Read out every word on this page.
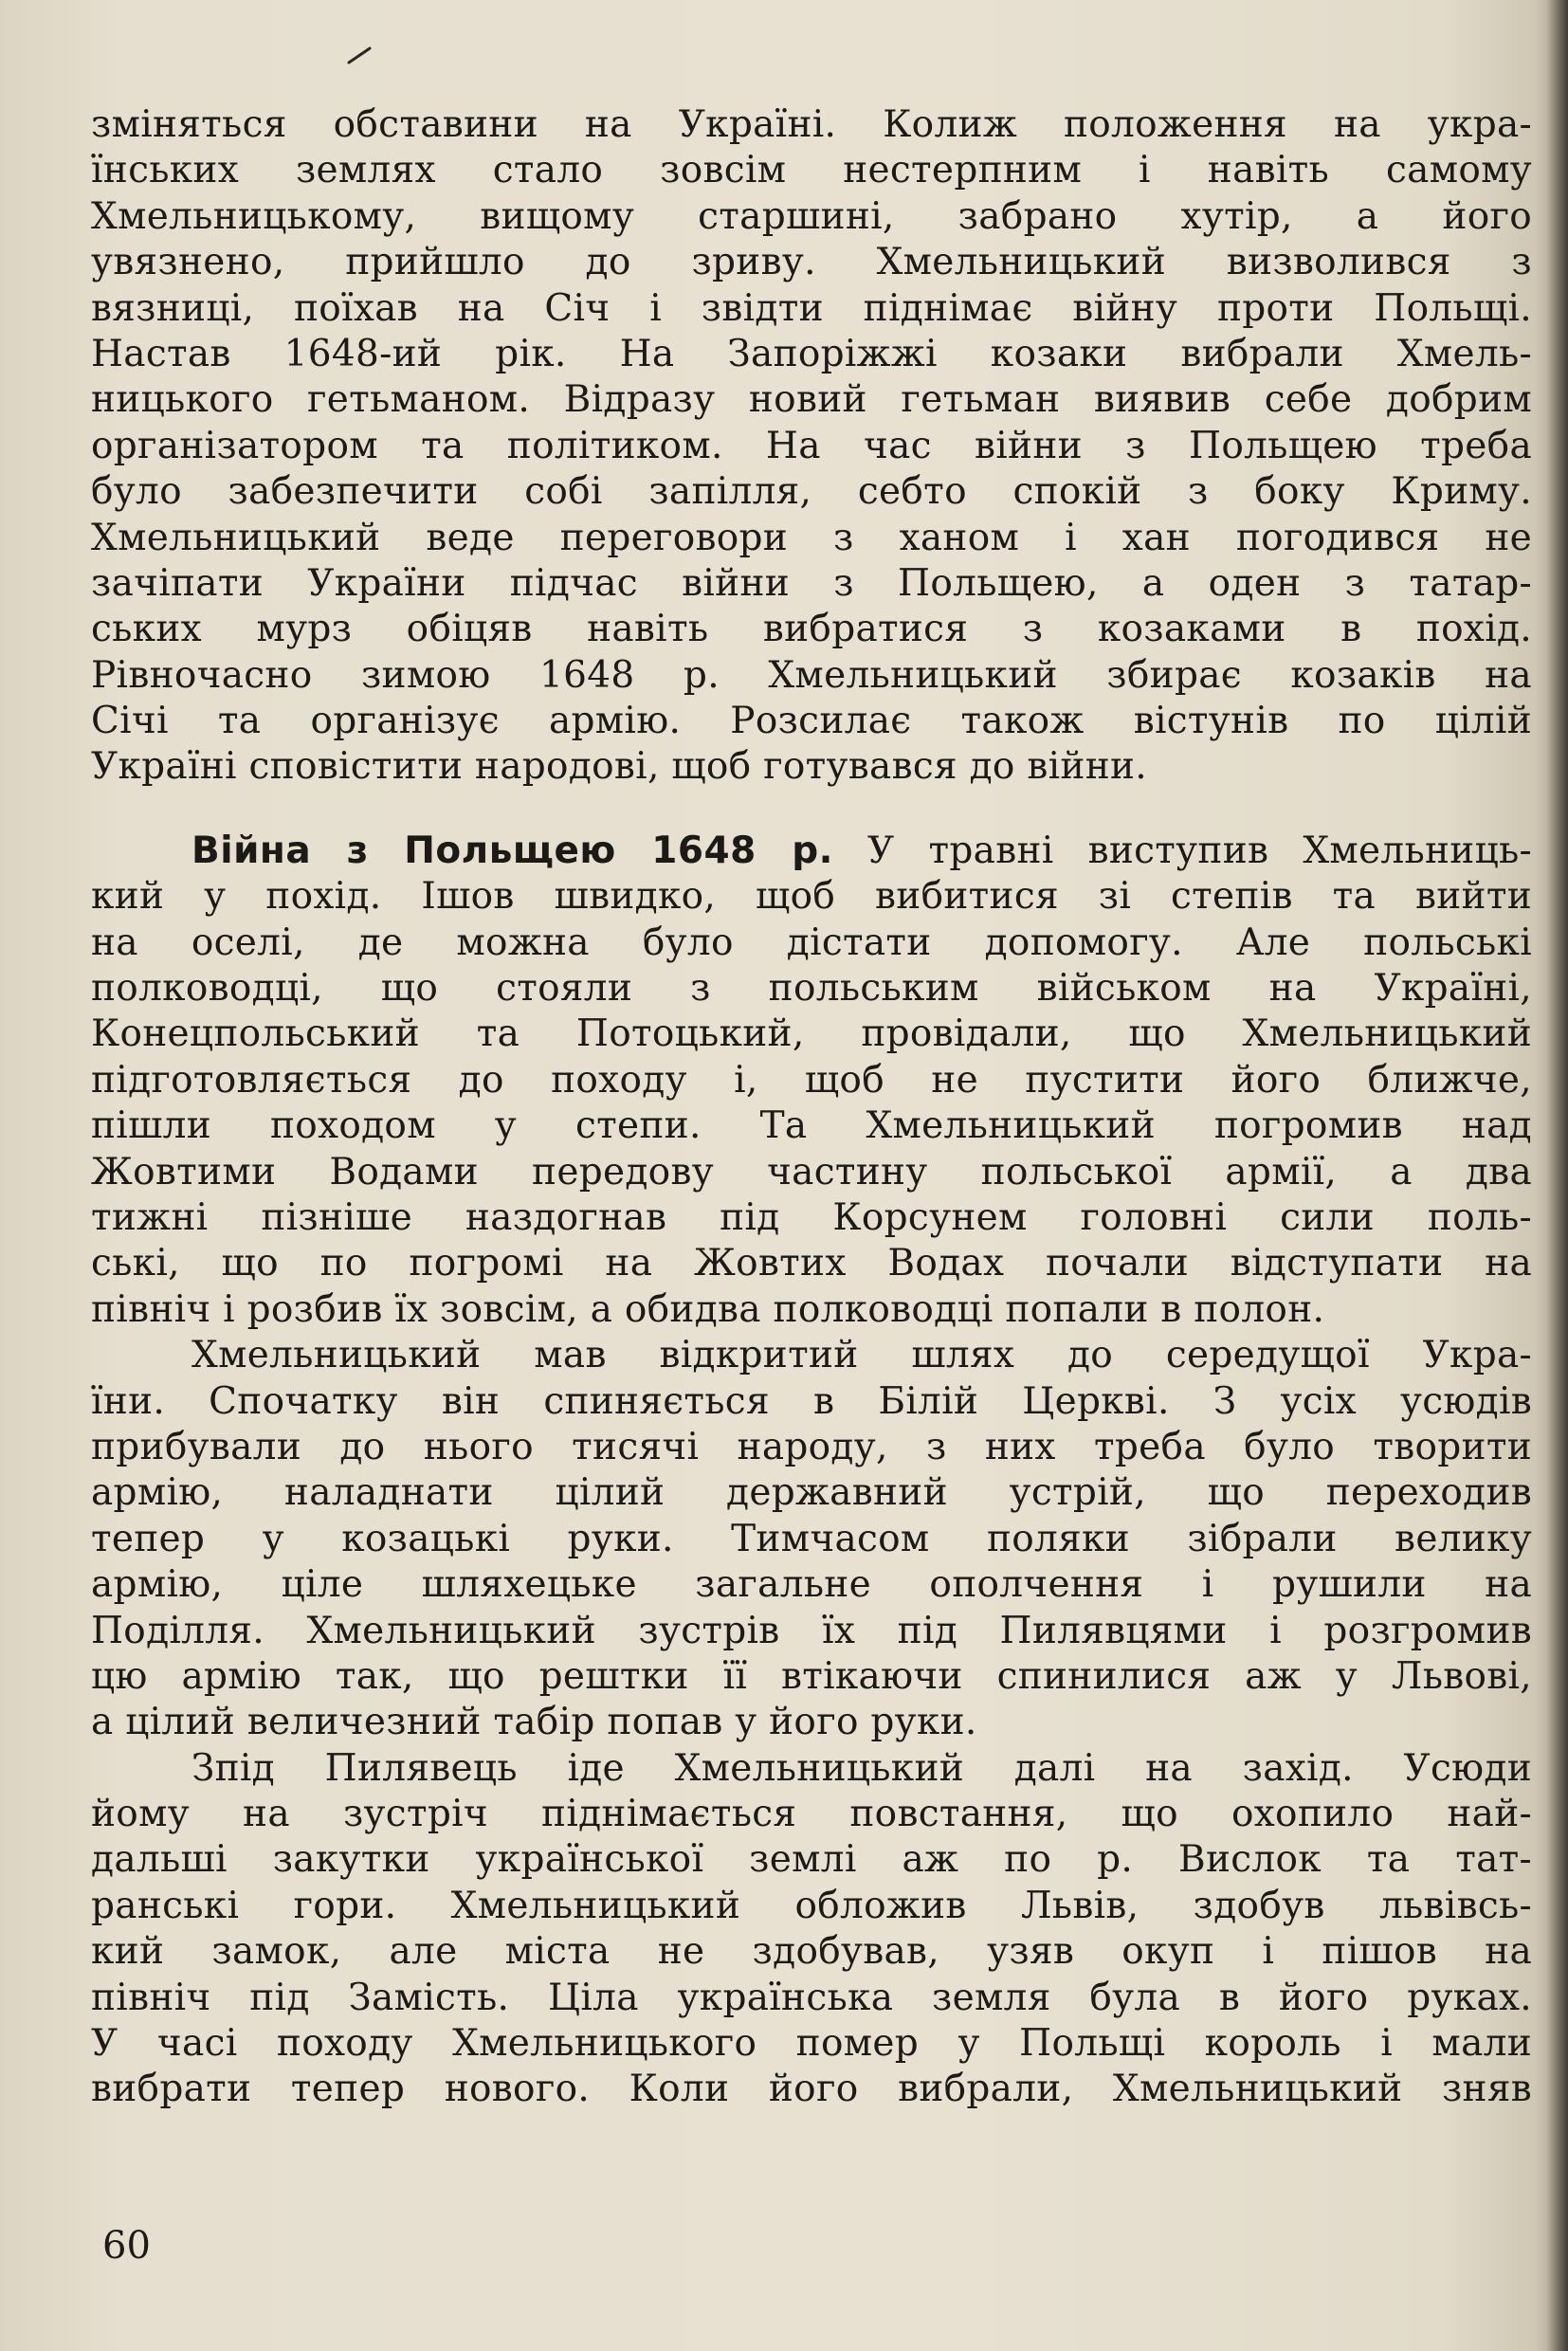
зміняться обставини на Україні. Колиж положення на укра-
їнських землях стало зовсім нестерпним і навіть самому
Хмельницькому, вищому старшині, забрано хутір, а його
увязнено, прийшло до зриву. Хмельницький визволився з
вязниці, поїхав на Січ і звідти піднімає війну проти Польщі.
Настав 1648-ий рік. На Запоріжжі козаки вибрали Хмель-
ницького гетьманом. Відразу новий гетьман виявив себе добрим
організатором та політиком. На час війни з Польщею треба
було забезпечити собі запілля, себто спокій з боку Криму.
Хмельницький веде переговори з ханом і хан погодився не
зачіпати України підчас війни з Польщею, а оден з татар-
ських мурз обіцяв навіть вибратися з козаками в похід.
Рівночасно зимою 1648 р. Хмельницький збирає козаків на
Січі та організує армію. Розсилає також вістунів по цілій
Україні сповістити народові, щоб готувався до війни.
Війна з Польщею 1648 р. У травні виступив Хмельниць-
кий у похід. Ішов швидко, щоб вибитися зі степів та вийти
на оселі, де можна було дістати допомогу. Але польські
полководці, що стояли з польським військом на Україні,
Конецпольський та Потоцький, провідали, що Хмельницький
підготовляється до походу і, щоб не пустити його ближче,
пішли походом у степи. Та Хмельницький погромив над
Жовтими Водами передову частину польської армії, а два
тижні пізніше наздогнав під Корсунем головні сили поль-
ські, що по погромі на Жовтих Водах почали відступати на
північ і розбив їх зовсім, а обидва полководці попали в полон.
Хмельницький мав відкритий шлях до середущої Укра-
їни. Спочатку він спиняється в Білій Церкві. З усіх усюдів
прибували до нього тисячі народу, з них треба було творити
армію, наладнати цілий державний устрій, що переходив
тепер у козацькі руки. Тимчасом поляки зібрали велику
армію, ціле шляхецьке загальне ополчення і рушили на
Поділля. Хмельницький зустрів їх під Пилявцями і розгромив
цю армію так, що рештки її втікаючи спинилися аж у Львові,
а цілий величезний табір попав у його руки.
Зпід Пилявець іде Хмельницький далі на захід. Усюди
йому на зустріч піднімається повстання, що охопило най-
дальші закутки української землі аж по р. Вислок та тат-
ранські гори. Хмельницький обложив Львів, здобув львівсь-
кий замок, але міста не здобував, узяв окуп і пішов на
північ під Замість. Ціла українська земля була в його руках.
У часі походу Хмельницького помер у Польщі король і мали
вибрати тепер нового. Коли його вибрали, Хмельницький зняв
60
